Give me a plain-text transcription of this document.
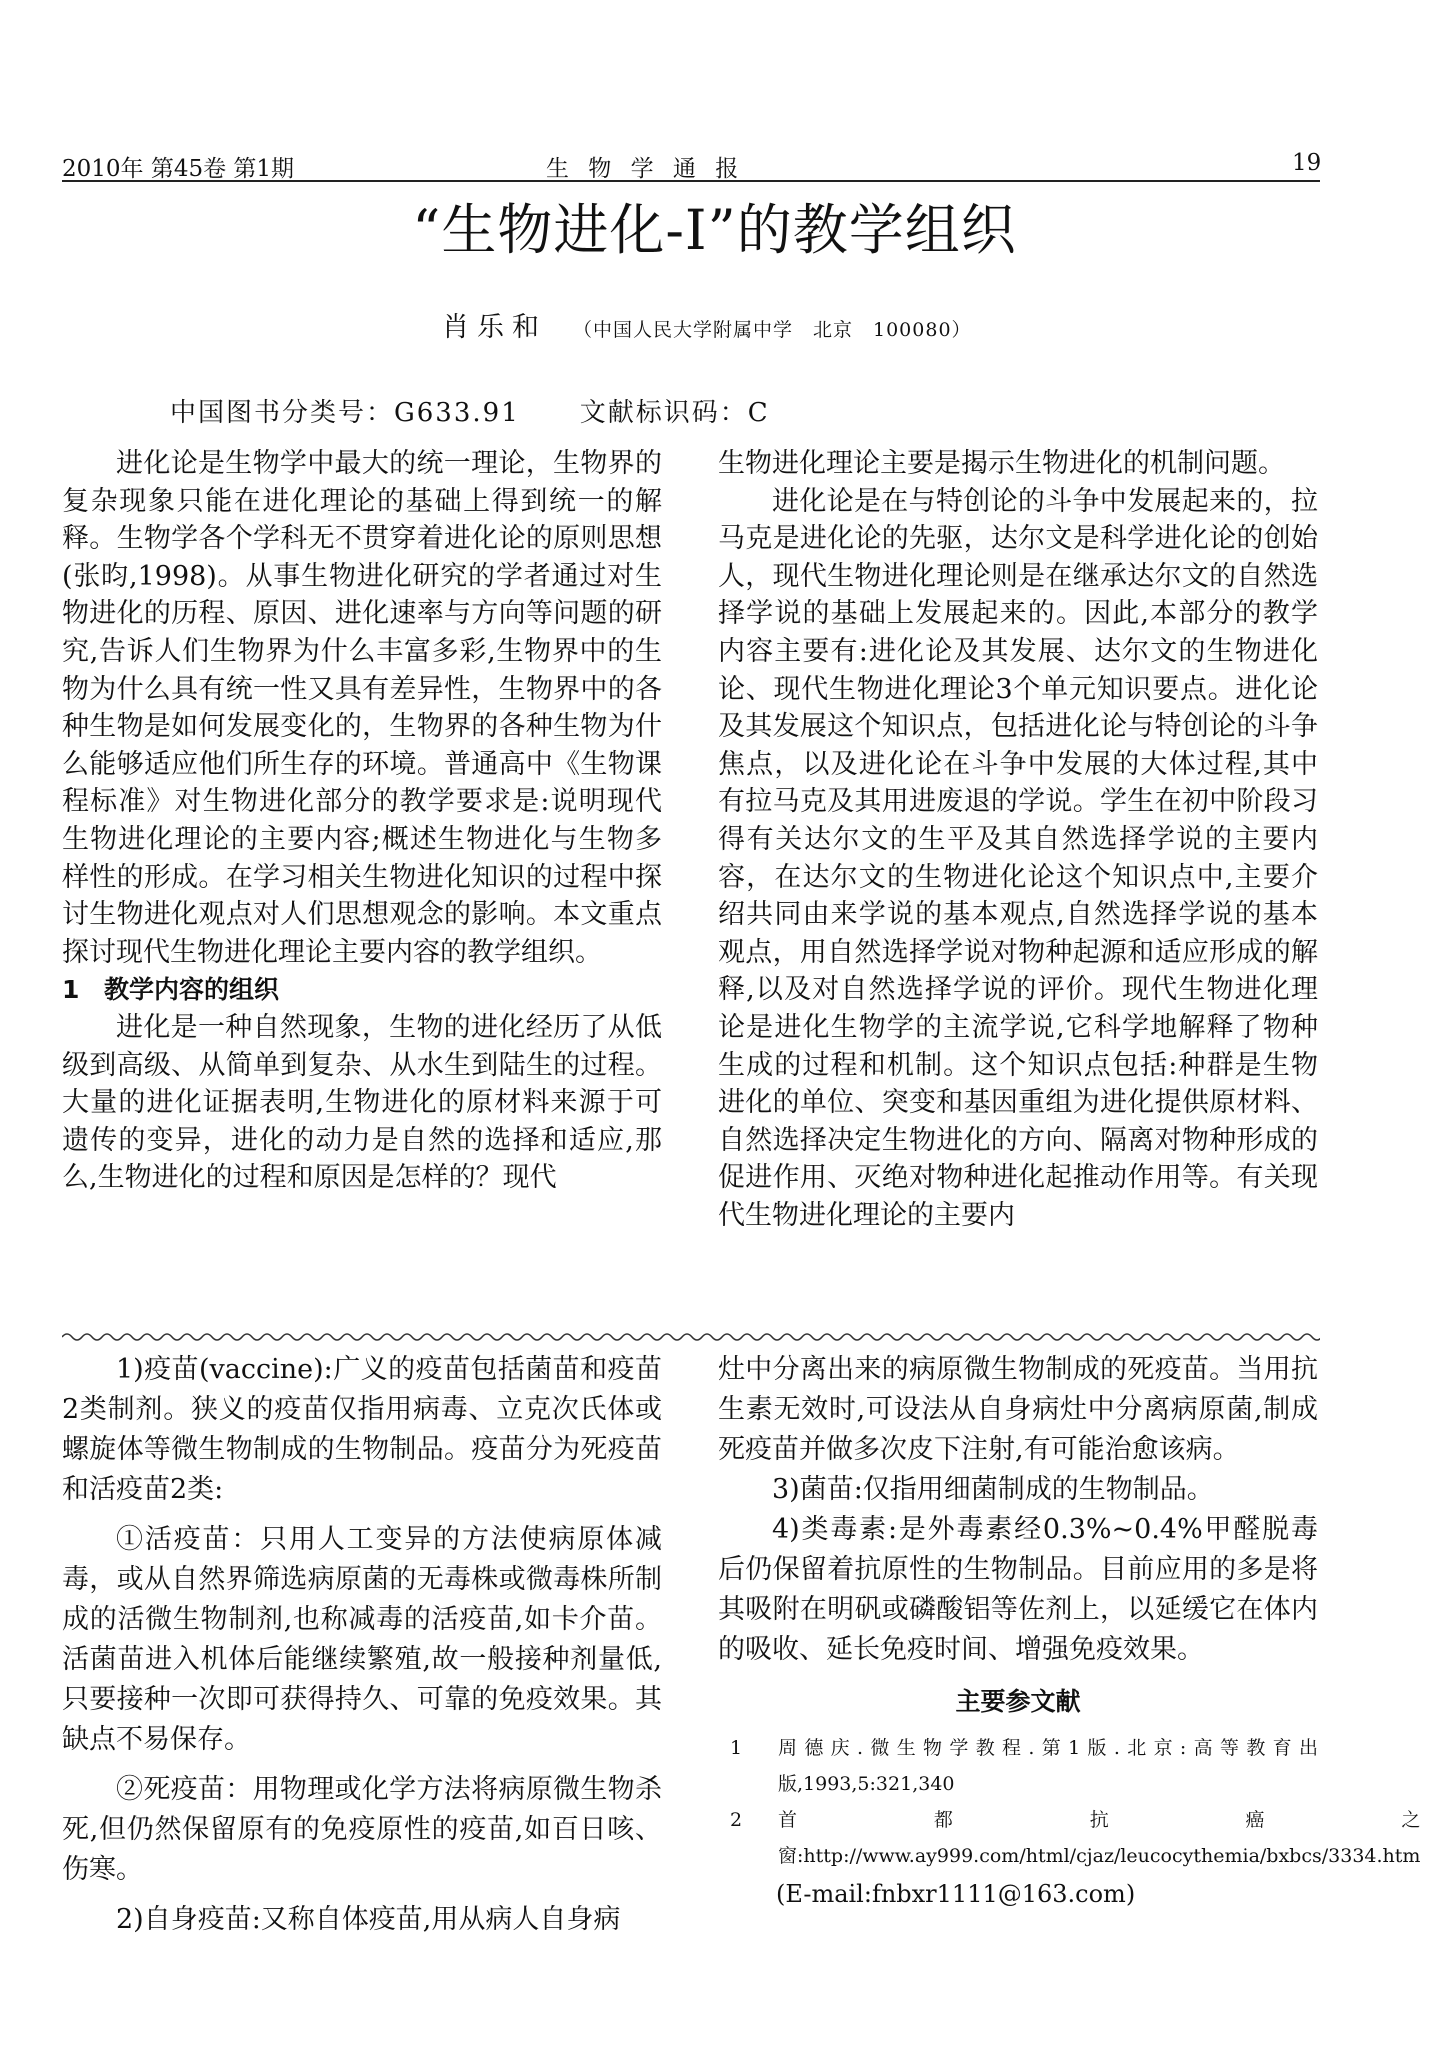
2010年 第45卷 第1期	生 物 学 通 报	19
“生物进化-Ⅰ”的教学组织
肖乐和 （中国人民大学附属中学　北京　100080）
中国图书分类号：G633.91 文献标识码：C

进化论是生物学中最大的统一理论，生物界的复杂现象只能在进化理论的基础上得到统一的解释。生物学各个学科无不贯穿着进化论的原则思想(张昀,1998)。从事生物进化研究的学者通过对生物进化的历程、原因、进化速率与方向等问题的研究,告诉人们生物界为什么丰富多彩,生物界中的生物为什么具有统一性又具有差异性，生物界中的各种生物是如何发展变化的，生物界的各种生物为什么能够适应他们所生存的环境。普通高中《生物课程标准》对生物进化部分的教学要求是:说明现代生物进化理论的主要内容;概述生物进化与生物多样性的形成。在学习相关生物进化知识的过程中探讨生物进化观点对人们思想观念的影响。本文重点探讨现代生物进化理论主要内容的教学组织。

1 教学内容的组织

进化是一种自然现象，生物的进化经历了从低级到高级、从简单到复杂、从水生到陆生的过程。大量的进化证据表明,生物进化的原材料来源于可遗传的变异，进化的动力是自然的选择和适应,那么,生物进化的过程和原因是怎样的？现代

生物进化理论主要是揭示生物进化的机制问题。

进化论是在与特创论的斗争中发展起来的，拉马克是进化论的先驱，达尔文是科学进化论的创始人，现代生物进化理论则是在继承达尔文的自然选择学说的基础上发展起来的。因此,本部分的教学内容主要有:进化论及其发展、达尔文的生物进化论、现代生物进化理论3个单元知识要点。进化论及其发展这个知识点，包括进化论与特创论的斗争焦点，以及进化论在斗争中发展的大体过程,其中有拉马克及其用进废退的学说。学生在初中阶段习得有关达尔文的生平及其自然选择学说的主要内容，在达尔文的生物进化论这个知识点中,主要介绍共同由来学说的基本观点,自然选择学说的基本观点，用自然选择学说对物种起源和适应形成的解释,以及对自然选择学说的评价。现代生物进化理论是进化生物学的主流学说,它科学地解释了物种生成的过程和机制。这个知识点包括:种群是生物进化的单位、突变和基因重组为进化提供原材料、自然选择决定生物进化的方向、隔离对物种形成的促进作用、灭绝对物种进化起推动作用等。有关现代生物进化理论的主要内

1)疫苗(vaccine):广义的疫苗包括菌苗和疫苗2类制剂。狭义的疫苗仅指用病毒、立克次氏体或螺旋体等微生物制成的生物制品。疫苗分为死疫苗和活疫苗2类:

①活疫苗：只用人工变异的方法使病原体减毒，或从自然界筛选病原菌的无毒株或微毒株所制成的活微生物制剂,也称减毒的活疫苗,如卡介苗。活菌苗进入机体后能继续繁殖,故一般接种剂量低,只要接种一次即可获得持久、可靠的免疫效果。其缺点不易保存。

②死疫苗：用物理或化学方法将病原微生物杀死,但仍然保留原有的免疫原性的疫苗,如百日咳、伤寒。

2)自身疫苗:又称自体疫苗,用从病人自身病

灶中分离出来的病原微生物制成的死疫苗。当用抗生素无效时,可设法从自身病灶中分离病原菌,制成死疫苗并做多次皮下注射,有可能治愈该病。

3)菌苗:仅指用细菌制成的生物制品。

4)类毒素:是外毒素经0.3%~0.4%甲醛脱毒后仍保留着抗原性的生物制品。目前应用的多是将其吸附在明矾或磷酸铝等佐剂上，以延缓它在体内的吸收、延长免疫时间、增强免疫效果。

主要参文献
1	周德庆.微生物学教程.第1版.北京:高等教育出版,1993,5:321,340
2	首都抗癌之窗:http://www.ay999.com/html/cjaz/leucocythemia/bxbcs/3334.htm
(E-mail:fnbxr1111@163.com)
